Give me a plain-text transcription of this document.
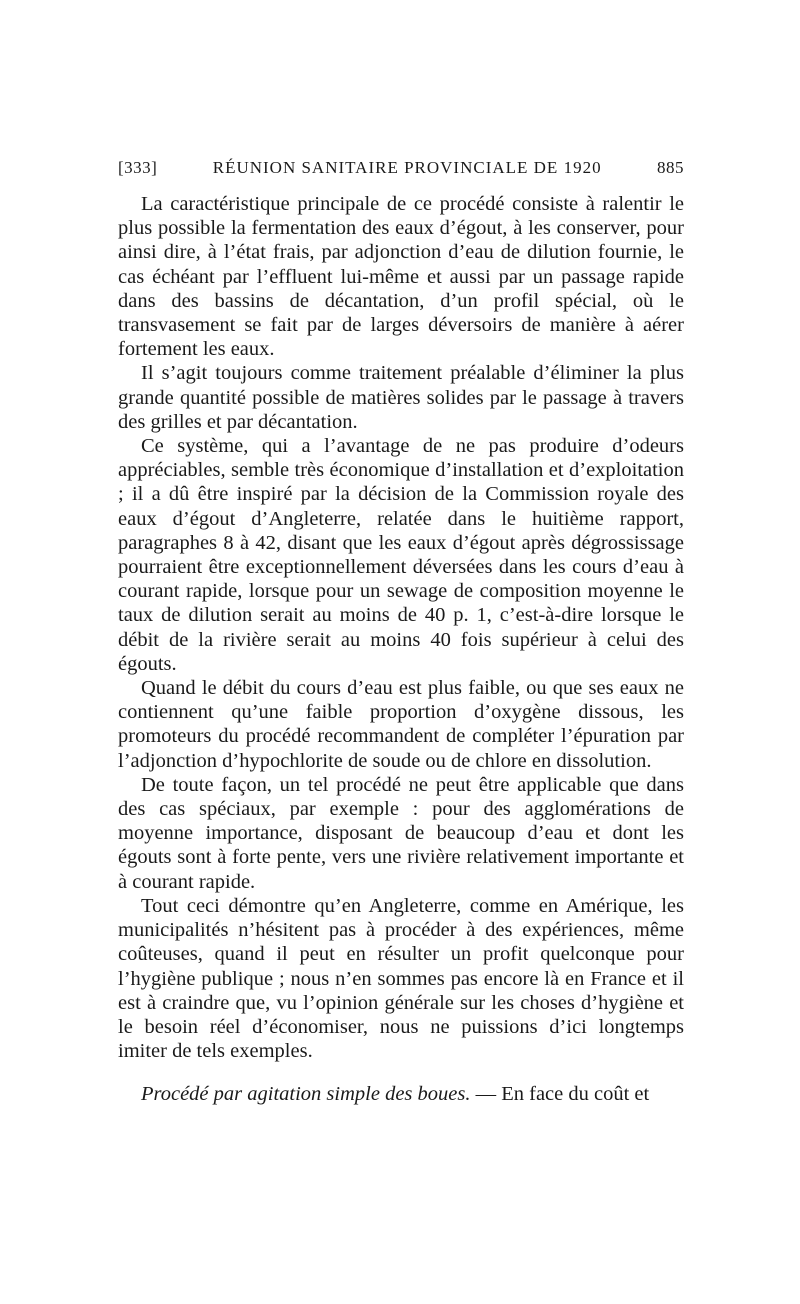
[333]	RÉUNION SANITAIRE PROVINCIALE DE 1920	885

La caractéristique principale de ce procédé consiste à ralentir le plus possible la fermentation des eaux d’égout, à les conserver, pour ainsi dire, à l’état frais, par adjonction d’eau de dilution fournie, le cas échéant par l’effluent lui-même et aussi par un passage rapide dans des bassins de décantation, d’un profil spécial, où le transvasement se fait par de larges déversoirs de manière à aérer fortement les eaux.

Il s’agit toujours comme traitement préalable d’éliminer la plus grande quantité possible de matières solides par le passage à travers des grilles et par décantation.

Ce système, qui a l’avantage de ne pas produire d’odeurs appréciables, semble très économique d’installation et d’exploitation ; il a dû être inspiré par la décision de la Commission royale des eaux d’égout d’Angleterre, relatée dans le huitième rapport, paragraphes 8 à 42, disant que les eaux d’égout après dégrossissage pourraient être exceptionnellement déversées dans les cours d’eau à courant rapide, lorsque pour un sewage de composition moyenne le taux de dilution serait au moins de 40 p. 1, c’est-à-dire lorsque le débit de la rivière serait au moins 40 fois supérieur à celui des égouts.

Quand le débit du cours d’eau est plus faible, ou que ses eaux ne contiennent qu’une faible proportion d’oxygène dissous, les promoteurs du procédé recommandent de compléter l’épuration par l’adjonction d’hypochlorite de soude ou de chlore en dissolution.

De toute façon, un tel procédé ne peut être applicable que dans des cas spéciaux, par exemple : pour des agglomérations de moyenne importance, disposant de beaucoup d’eau et dont les égouts sont à forte pente, vers une rivière relativement importante et à courant rapide.

Tout ceci démontre qu’en Angleterre, comme en Amérique, les municipalités n’hésitent pas à procéder à des expériences, même coûteuses, quand il peut en résulter un profit quelconque pour l’hygiène publique ; nous n’en sommes pas encore là en France et il est à craindre que, vu l’opinion générale sur les choses d’hygiène et le besoin réel d’économiser, nous ne puissions d’ici longtemps imiter de tels exemples.

Procédé par agitation simple des boues. — En face du coût et
